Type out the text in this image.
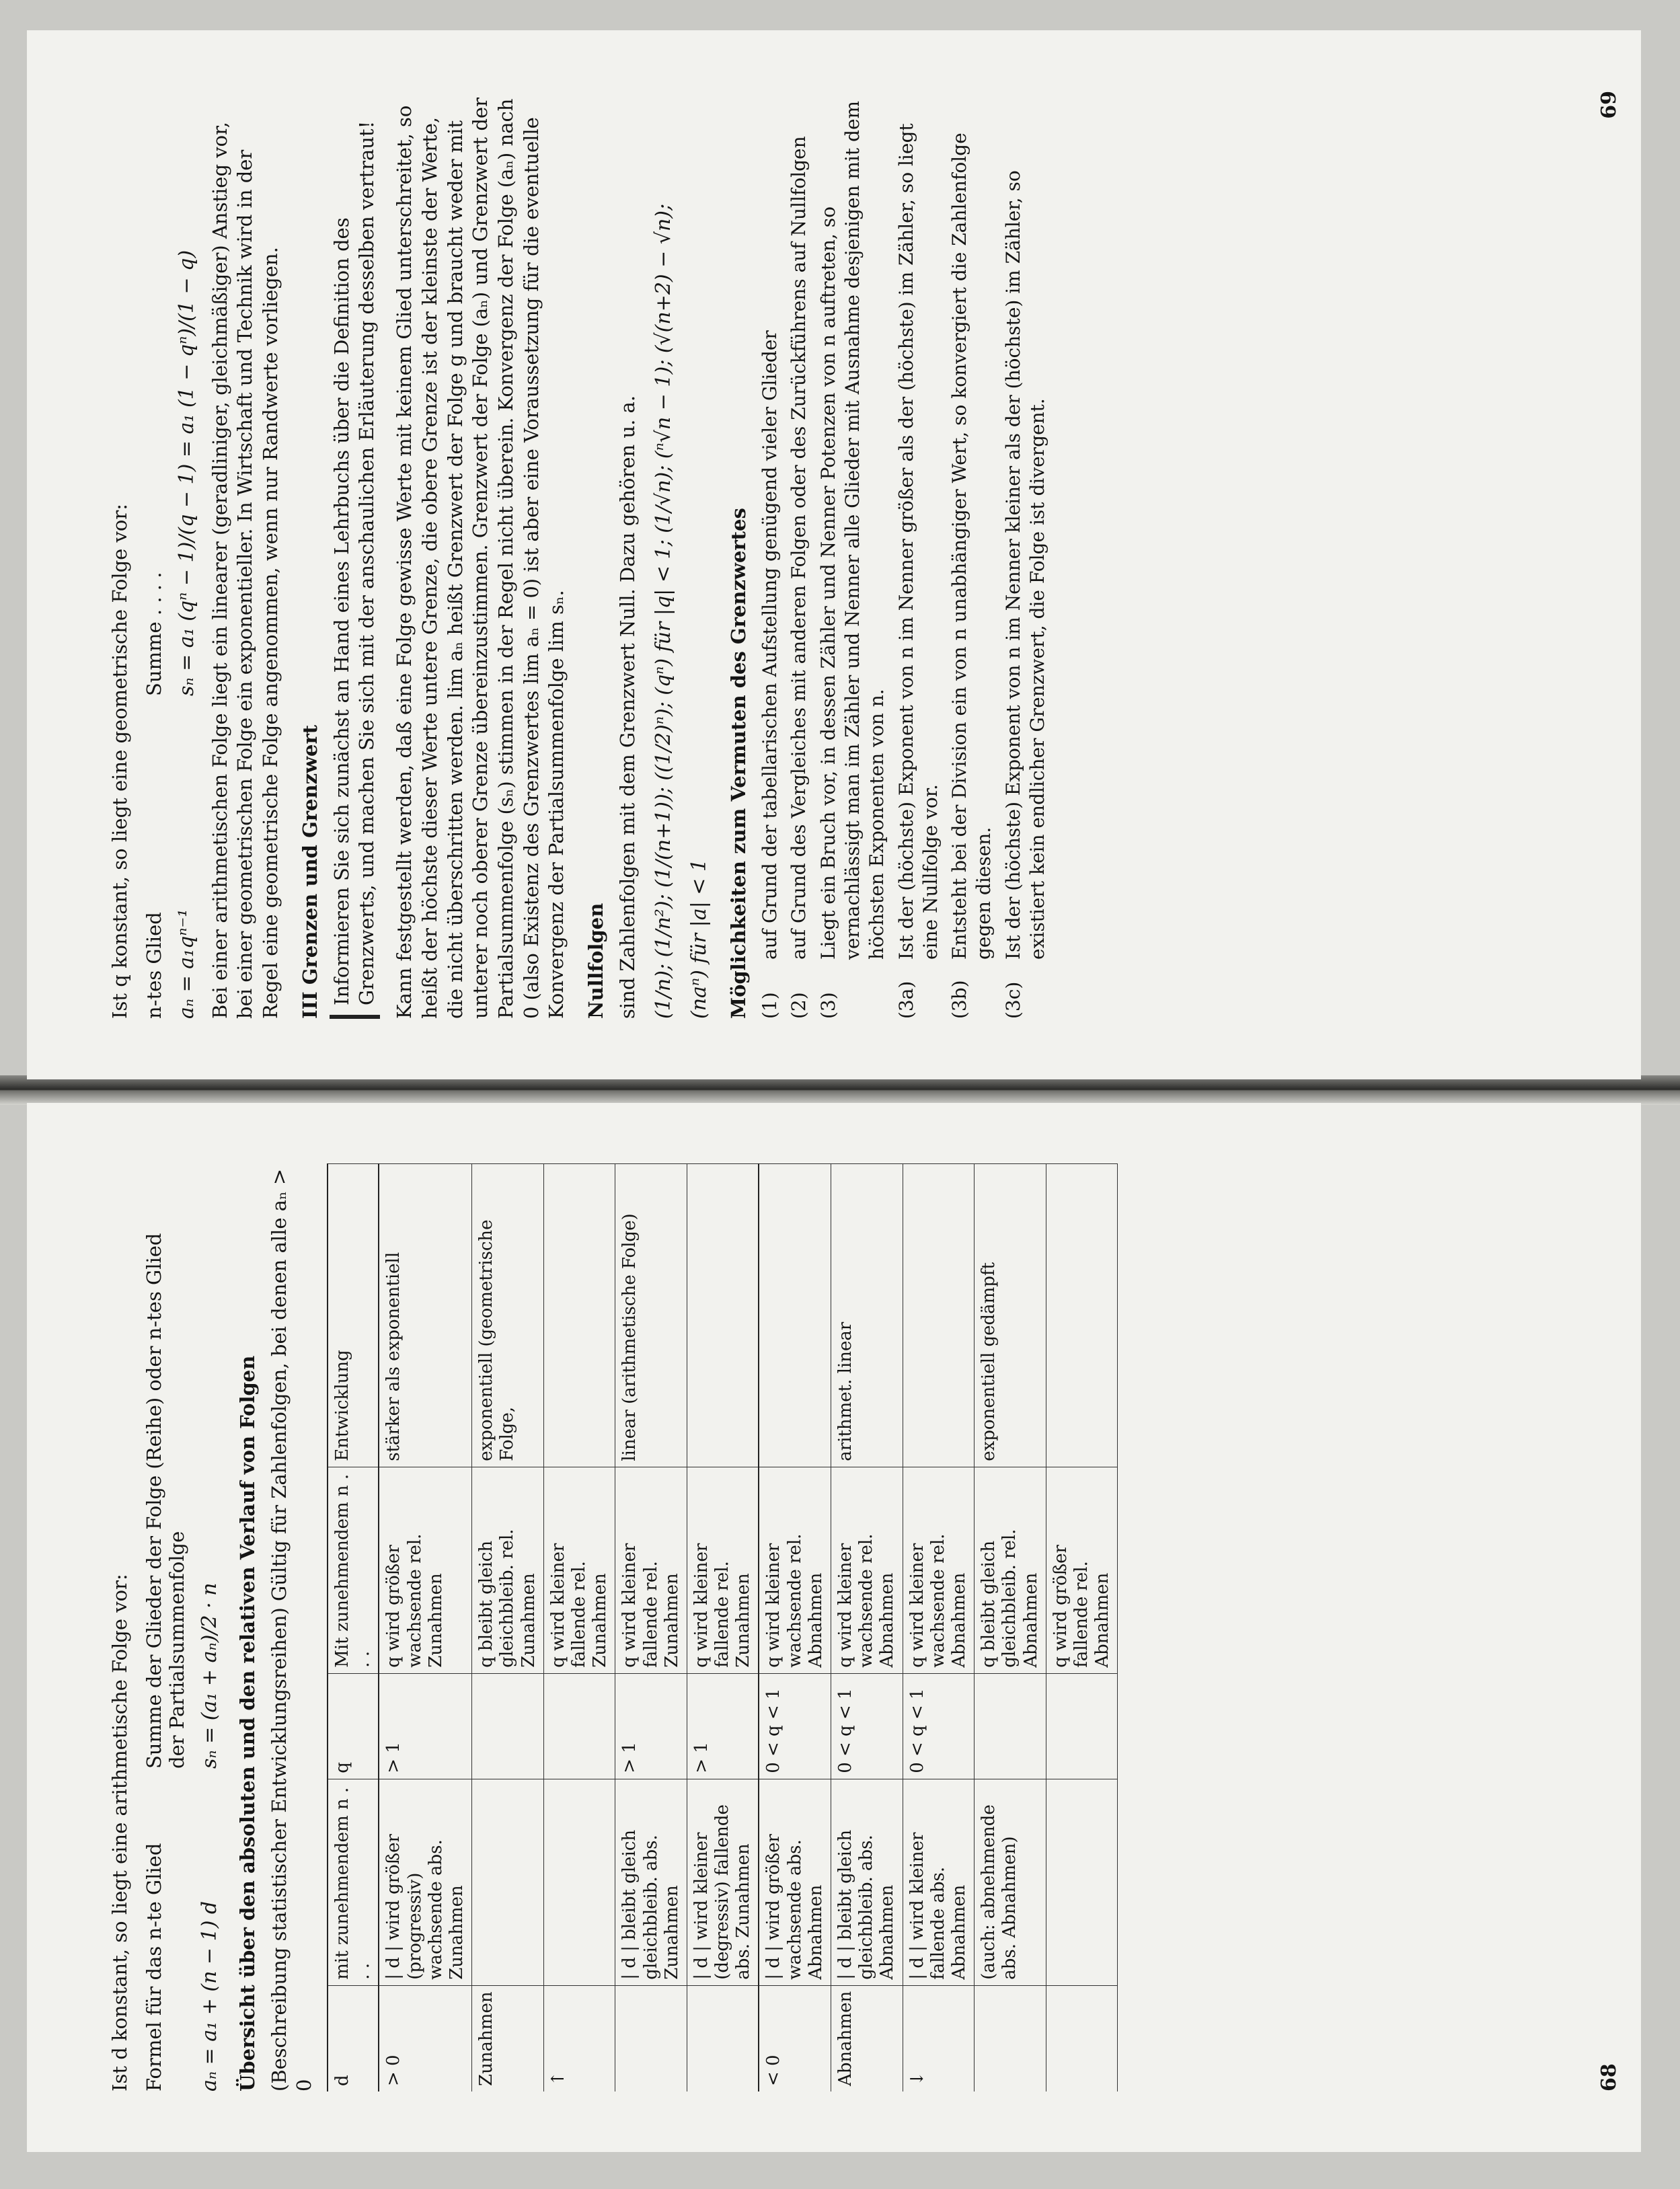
Ist d konstant, so liegt eine arithmetische Folge vor: Formel für das n-te Glied
Summe der Glieder der Folge (Reihe) oder n-tes Glied der Partialsummenfolge
aₙ = a₁ + (n − 1) d
sₙ = (a₁ + aₙ)/2 · n Übersicht über den absoluten und den relativen Verlauf von Folgen (Beschreibung statistischer Entwicklungsreihen) Gültig für Zahlenfolgen, bei denen alle aₙ > 0 d	mit zunehmendem n . . .	q	Mit zunehmendem n . . .	Entwicklung
> 0	| d | wird größer (progressiv) wachsende abs. Zunahmen	> 1	q wird größer wachsende rel. Zunahmen	stärker als exponentiell
Zunahmen			q bleibt gleich gleichbleib. rel. Zunahmen	exponentiell (geometrische Folge,
↑			q wird kleiner fallende rel. Zunahmen	
	| d | bleibt gleich gleichbleib. abs. Zunahmen	> 1	q wird kleiner fallende rel. Zunahmen	linear (arithmetische Folge)
	| d | wird kleiner (degressiv) fallende abs. Zunahmen	> 1	q wird kleiner fallende rel. Zunahmen	
< 0	| d | wird größer wachsende abs. Abnahmen	0 < q < 1	q wird kleiner wachsende rel. Abnahmen	
Abnahmen	| d | bleibt gleich gleichbleib. abs. Abnahmen	0 < q < 1	q wird kleiner wachsende rel. Abnahmen	arithmet. linear
↓	| d | wird kleiner fallende abs. Abnahmen	0 < q < 1	q wird kleiner wachsende rel. Abnahmen	
	(auch: abnehmende abs. Abnahmen)		q bleibt gleich gleichbleib. rel. Abnahmen	exponentiell gedämpft
			q wird größer fallende rel. Abnahmen	
68

Ist q konstant, so liegt eine geometrische Folge vor: n-tes Glied
Summe . . . .
aₙ = a₁qⁿ⁻¹
sₙ = a₁ (qⁿ − 1)/(q − 1) = a₁ (1 − qⁿ)/(1 − q) Bei einer arithmetischen Folge liegt ein linearer (geradliniger, gleichmäßiger) Anstieg vor, bei einer geometrischen Folge ein exponentieller. In Wirtschaft und Technik wird in der Regel eine geometrische Folge angenommen, wenn nur Randwerte vorliegen. III Grenzen und Grenzwert Informieren Sie sich zunächst an Hand eines Lehrbuchs über die Definition des Grenzwerts, und machen Sie sich mit der anschaulichen Erläuterung desselben vertraut! Kann festgestellt werden, daß eine Folge gewisse Werte mit keinem Glied unterschreitet, so heißt der höchste dieser Werte untere Grenze, die obere Grenze ist der kleinste der Werte, die nicht überschritten werden. lim aₙ heißt Grenzwert der Folge g und braucht weder mit unterer noch oberer Grenze übereinzustimmen. Grenzwert der Folge (aₙ) und Grenzwert der Partialsummenfolge (sₙ) stimmen in der Regel nicht überein. Konvergenz der Folge (aₙ) nach 0 (also Existenz des Grenzwertes lim aₙ = 0) ist aber eine Voraussetzung für die eventuelle Konvergenz der Partialsummenfolge lim sₙ. Nullfolgen sind Zahlenfolgen mit dem Grenzwert Null. Dazu gehören u. a. (1/n); (1/n²); (1/(n+1)); ((1/2)ⁿ); (qⁿ) für |q| < 1; (1/√n); (ⁿ√n − 1); (√(n+2) − √n); (naⁿ) für |a| < 1 Möglichkeiten zum Vermuten des Grenzwertes (1)
auf Grund der tabellarischen Aufstellung genügend vieler Glieder
(2)
auf Grund des Vergleiches mit anderen Folgen oder des Zurückführens auf Nullfolgen
(3)
Liegt ein Bruch vor, in dessen Zähler und Nenner Potenzen von n auftreten, so vernachlässigt man im Zähler und Nenner alle Glieder mit Ausnahme desjenigen mit dem höchsten Exponenten von n.
(3a)
Ist der (höchste) Exponent von n im Nenner größer als der (höchste) im Zähler, so liegt eine Nullfolge vor.
(3b)
Entsteht bei der Division ein von n unabhängiger Wert, so konvergiert die Zahlenfolge gegen diesen.
(3c)
Ist der (höchste) Exponent von n im Nenner kleiner als der (höchste) im Zähler, so existiert kein endlicher Grenzwert, die Folge ist divergent.
69
